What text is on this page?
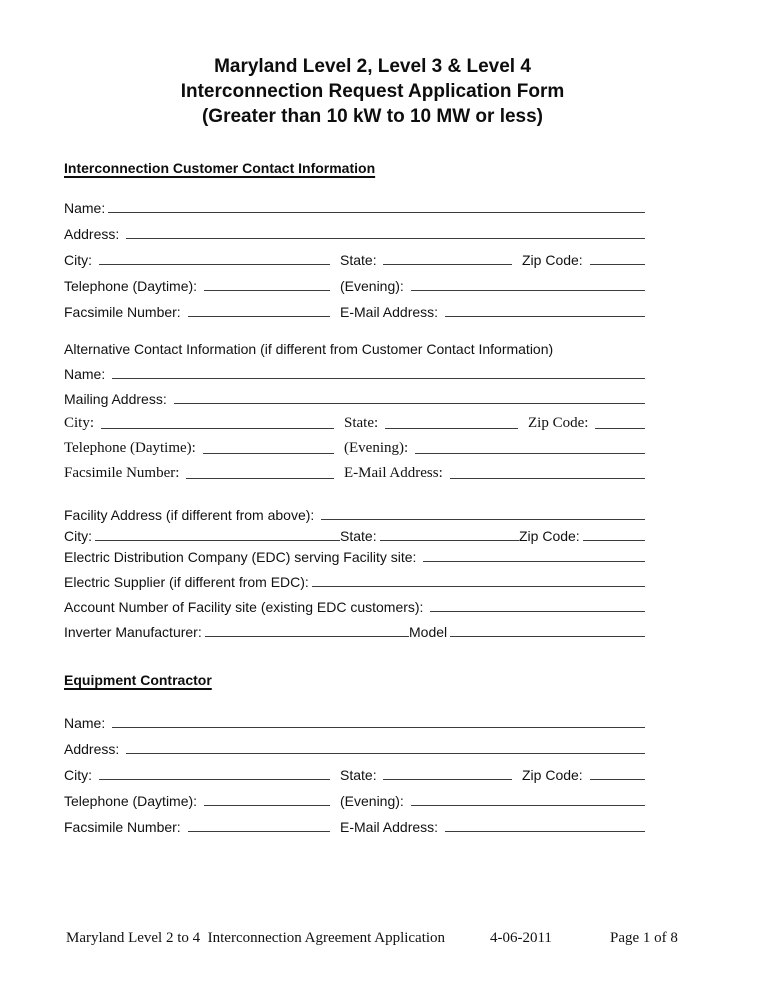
Maryland Level 2, Level 3 & Level 4
Interconnection Request Application Form
(Greater than 10 kW to 10 MW or less)
Interconnection Customer Contact Information
Name:
Address:
City:	State:	Zip Code:
Telephone (Daytime):	(Evening):
Facsimile Number:	E-Mail Address:
Alternative Contact Information (if different from Customer Contact Information)
Name:
Mailing Address:
City:	State:	Zip Code:
Telephone (Daytime):	(Evening):
Facsimile Number:	E-Mail Address:
Facility Address (if different from above):
City:	State:	Zip Code:
Electric Distribution Company (EDC) serving Facility site:
Electric Supplier (if different from EDC):
Account Number of Facility site (existing EDC customers):
Inverter Manufacturer:	Model
Equipment Contractor
Name:
Address:
City:	State:	Zip Code:
Telephone (Daytime):	(Evening):
Facsimile Number:	E-Mail Address:
Maryland Level 2 to 4  Interconnection Agreement Application	4-06-2011	Page 1 of 8
